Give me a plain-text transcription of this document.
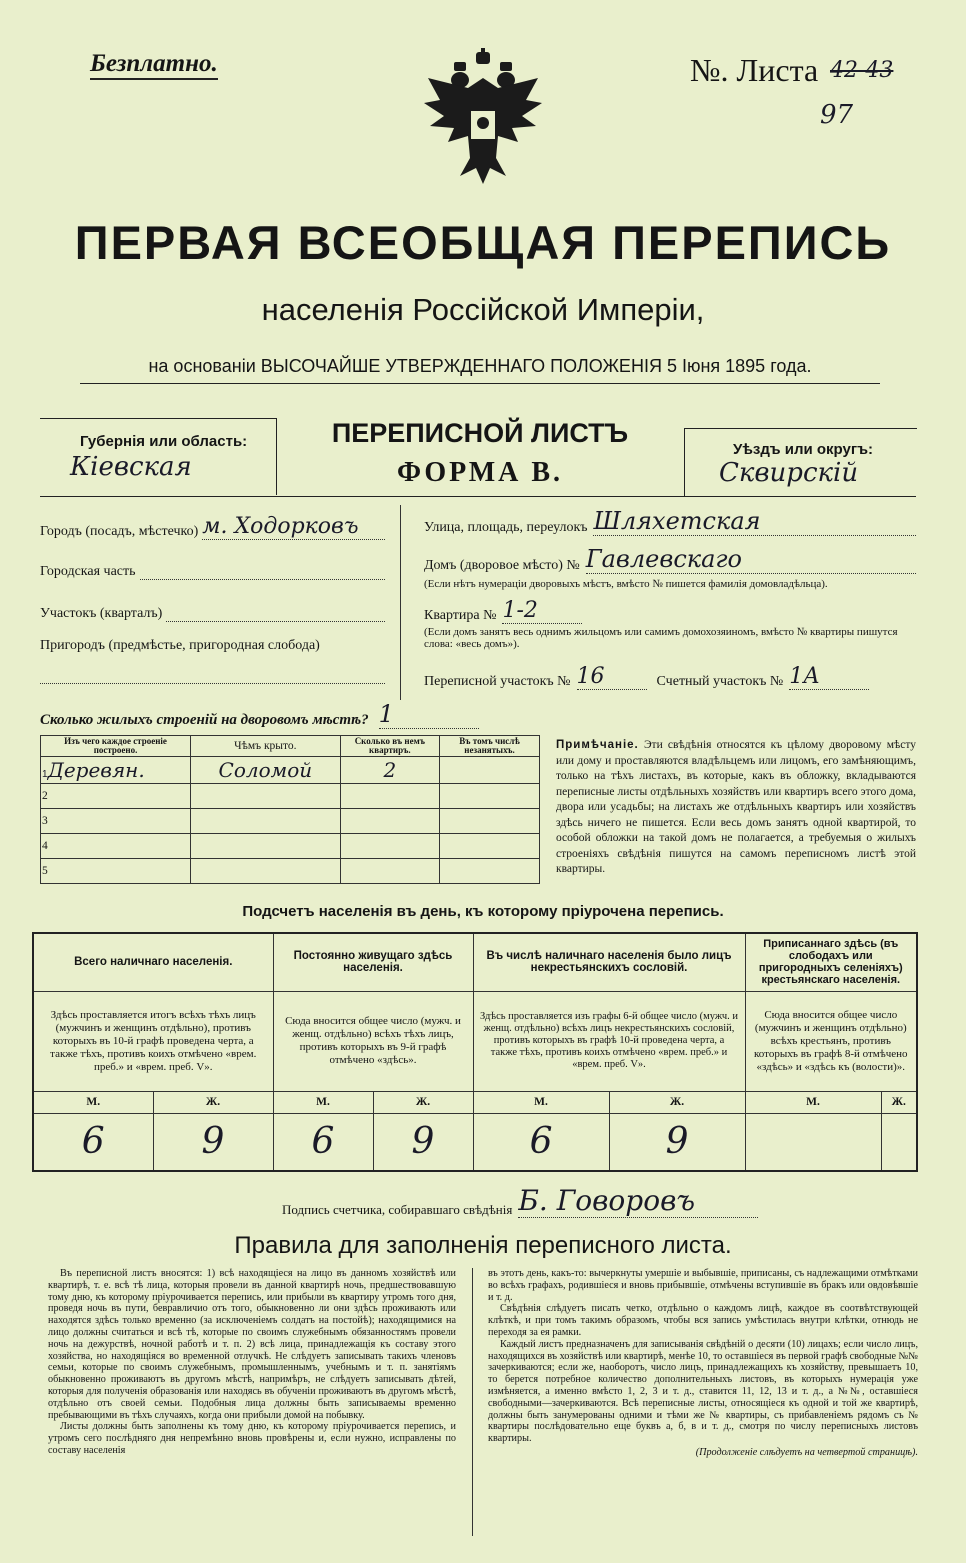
Безплатно.	№. Листа 42-43
97
ПЕРВАЯ ВСЕОБЩАЯ ПЕРЕПИСЬ
населенія Россійской Имперіи,
на основаніи ВЫСОЧАЙШЕ УТВЕРЖДЕННАГО ПОЛОЖЕНІЯ 5 Іюня 1895 года.
Губернія или область:
Кіевская
ПЕРЕПИСНОЙ ЛИСТЪ
ФОРМА В.
Уѣздъ или округъ:
Сквирскій
Городъ (посадъ, мѣстечко) м. Ходорковъ
Городская часть
Участокъ (кварталъ)
Пригородъ (предмѣстье, пригородная слобода)
Улица, площадь, переулокъ Шляхетская
Домъ (дворовое мѣсто) № Гавлевскаго
(Если нѣтъ нумераціи дворовыхъ мѣстъ, вмѣсто № пишется фамилія домовладѣльца).
Квартира № 1-2
(Если домъ занятъ весь однимъ жильцомъ или самимъ домохозяиномъ, вмѣсто № квартиры пишутся слова: «весь домъ»).
Переписной участокъ № 16	Счетный участокъ № 1А
Сколько жилыхъ строеній на дворовомъ мѣстѣ? 1
Изъ чего каждое строеніе построено.	Чѣмъ крыто.	Сколько въ немъ квартиръ.	Въ томъ числѣ незанятыхъ.
1Деревян.	Соломой	2	
2			
3			
4			
5			
Примѣчаніе. Эти свѣдѣнія относятся къ цѣлому дворовому мѣсту или дому и проставляются владѣльцемъ или лицомъ, его замѣняющимъ, только на тѣхъ листахъ, въ которые, какъ въ обложку, вкладываются переписные листы отдѣльныхъ хозяйствъ или квартиръ всего этого дома, двора или усадьбы; на листахъ же отдѣльныхъ квартиръ или хозяйствъ здѣсь ничего не пишется. Если весь домъ занятъ одной квартирой, то особой обложки на такой домъ не полагается, а требуемыя о жилыхъ строеніяхъ свѣдѣнія пишутся на самомъ переписномъ листѣ этой квартиры.
Подсчетъ населенія въ день, къ которому пріурочена перепись.
Всего наличнаго населенія.		Постоянно живущаго здѣсь населенія.		Въ числѣ наличнаго населенія было лицъ некрестьянскихъ сословій.		Приписаннаго здѣсь (въ слободахъ или пригородныхъ селеніяхъ) крестьянскаго населенія.	
Здѣсь проставляется итогъ всѣхъ тѣхъ лицъ (мужчинъ и женщинъ отдѣльно), противъ которыхъ въ 10-й графѣ проведена черта, а также тѣхъ, противъ коихъ отмѣчено «врем. преб.» и «врем. преб. V».		Сюда вносится общее число (мужч. и женщ. отдѣльно) всѣхъ тѣхъ лицъ, противъ которыхъ въ 9-й графѣ отмѣчено «здѣсь».		Здѣсь проставляется изъ графы 6-й общее число (мужч. и женщ. отдѣльно) всѣхъ лицъ некрестьянскихъ сословій, противъ которыхъ въ графѣ 10-й проведена черта, а также тѣхъ, противъ коихъ отмѣчено «врем. преб.» и «врем. преб. V».		Сюда вносится общее число (мужчинъ и женщинъ отдѣльно) всѣхъ крестьянъ, противъ которыхъ въ графѣ 8-й отмѣчено «здѣсь» и «здѣсь къ (волости)».	
М.	Ж.	М.	Ж.	М.	Ж.	М.	Ж.
6	9	6	9	6	9		
Подпись счетчика, собиравшаго свѣдѣнія Б. Говоровъ
Правила для заполненія переписного листа.
Въ переписной листъ вносятся: 1) всѣ находящіеся на лицо въ данномъ хозяйствѣ или квартирѣ, т. е. всѣ тѣ лица, которыя провели въ данной квартирѣ ночь, предшествовавшую тому дню, къ которому пріурочивается перепись, или прибыли въ квартиру утромъ того дня, проведя ночь въ пути, бевравличио отъ того, обыкновенно ли они здѣсь проживають или находятся здѣсь только временно (за исключеніемъ солдатъ на постойѣ); находящимися на лицо должны считаться и всѣ тѣ, которые по своимъ служебнымъ обязанностямъ провели ночь на дежурствѣ, ночной работѣ и т. п. 2) всѣ лица, принадлежащія къ составу этого хозяйства, но находящіяся во временной отлучкѣ. Не слѣдуетъ записывать такихъ членовъ семьи, которые по своимъ служебнымъ, промышленнымъ, учебнымъ и т. п. занятіямъ обыкновенно проживаютъ въ другомъ мѣстѣ, напримѣръ, не слѣдуетъ записывать дѣтей, которыя для полученія образованія или находясь въ обученіи проживаютъ въ другомъ мѣстѣ, отдѣльно отъ своей семьи. Подобныя лица должны быть записываемы временно пребывающими въ тѣхъ случаяхъ, когда они прибыли домой на побывку.
Листы должны быть заполнены къ тому дню, къ которому пріурочивается перепись, и утромъ сего послѣдняго дня непремѣнно вновь провѣрены и, если нужно, исправлены по составу населенія
въ этотъ день, какъ-то: вычеркнуты умершіе и выбывшіе, приписаны, съ надлежащими отмѣтками во всѣхъ графахъ, родившіеся и вновь прибывшіе, отмѣчены вступившіе въ бракъ или овдовѣвшіе и т. д.
Свѣдѣнія слѣдуетъ писать четко, отдѣльно о каждомъ лицѣ, каждое въ соотвѣтствующей клѣткѣ, и при томъ такимъ образомъ, чтобы вся запись умѣстилась внутри клѣтки, отнюдь не переходя за ея рамки.
Каждый листъ предназначенъ для записыванія свѣдѣній о десяти (10) лицахъ; если число лицъ, находящихся въ хозяйствѣ или квартирѣ, менѣе 10, то оставшіеся въ первой графѣ свободные №№ зачеркиваются; если же, наоборотъ, число лицъ, принадлежащихъ къ хозяйству, превышаетъ 10, то берется потребное количество дополнительныхъ листовъ, въ которыхъ нумерація уже измѣняется, а именно вмѣсто 1, 2, 3 и т. д., ставится 11, 12, 13 и т. д., а №№, оставшіеся свободными—зачеркиваются. Всѣ переписные листы, относящіеся къ одной и той же квартирѣ, должны быть занумерованы одними и тѣми же № квартиры, съ прибавленіемъ рядомъ съ № квартиры послѣдовательно еще буквъ а, б, в и т. д., смотря по числу переписныхъ листовъ квартиры.
(Продолженіе слѣдуетъ на четвертой страницѣ).
